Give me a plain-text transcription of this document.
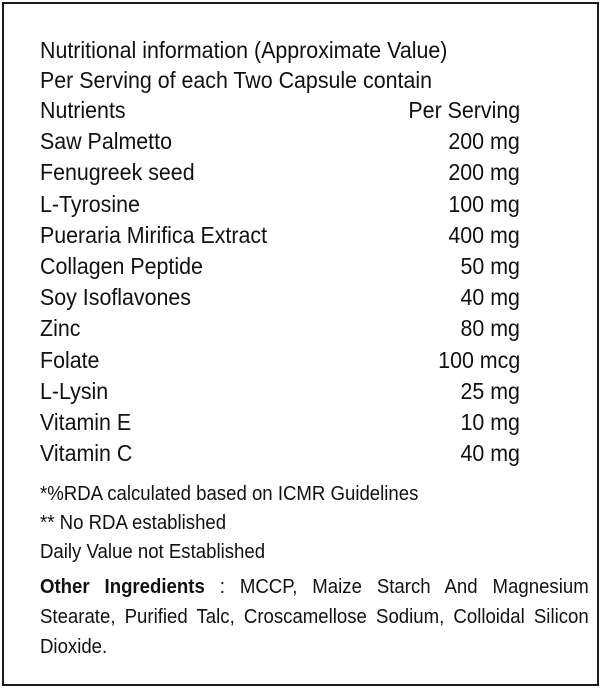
Nutritional information (Approximate Value)
Per Serving of each Two Capsule contain
Nutrients	Per Serving
Saw Palmetto	200 mg
Fenugreek seed	200 mg
L-Tyrosine	100 mg
Pueraria Mirifica Extract	400 mg
Collagen Peptide	50 mg
Soy Isoflavones	40 mg
Zinc	80 mg
Folate	100 mcg
L-Lysin	25 mg
Vitamin E	10 mg
Vitamin C	40 mg
*%RDA calculated based on ICMR Guidelines
** No RDA established
Daily Value not Established
Other Ingredients : MCCP, Maize Starch And Magnesium Stearate, Purified Talc, Croscamellose Sodium, Colloidal Silicon Dioxide.
